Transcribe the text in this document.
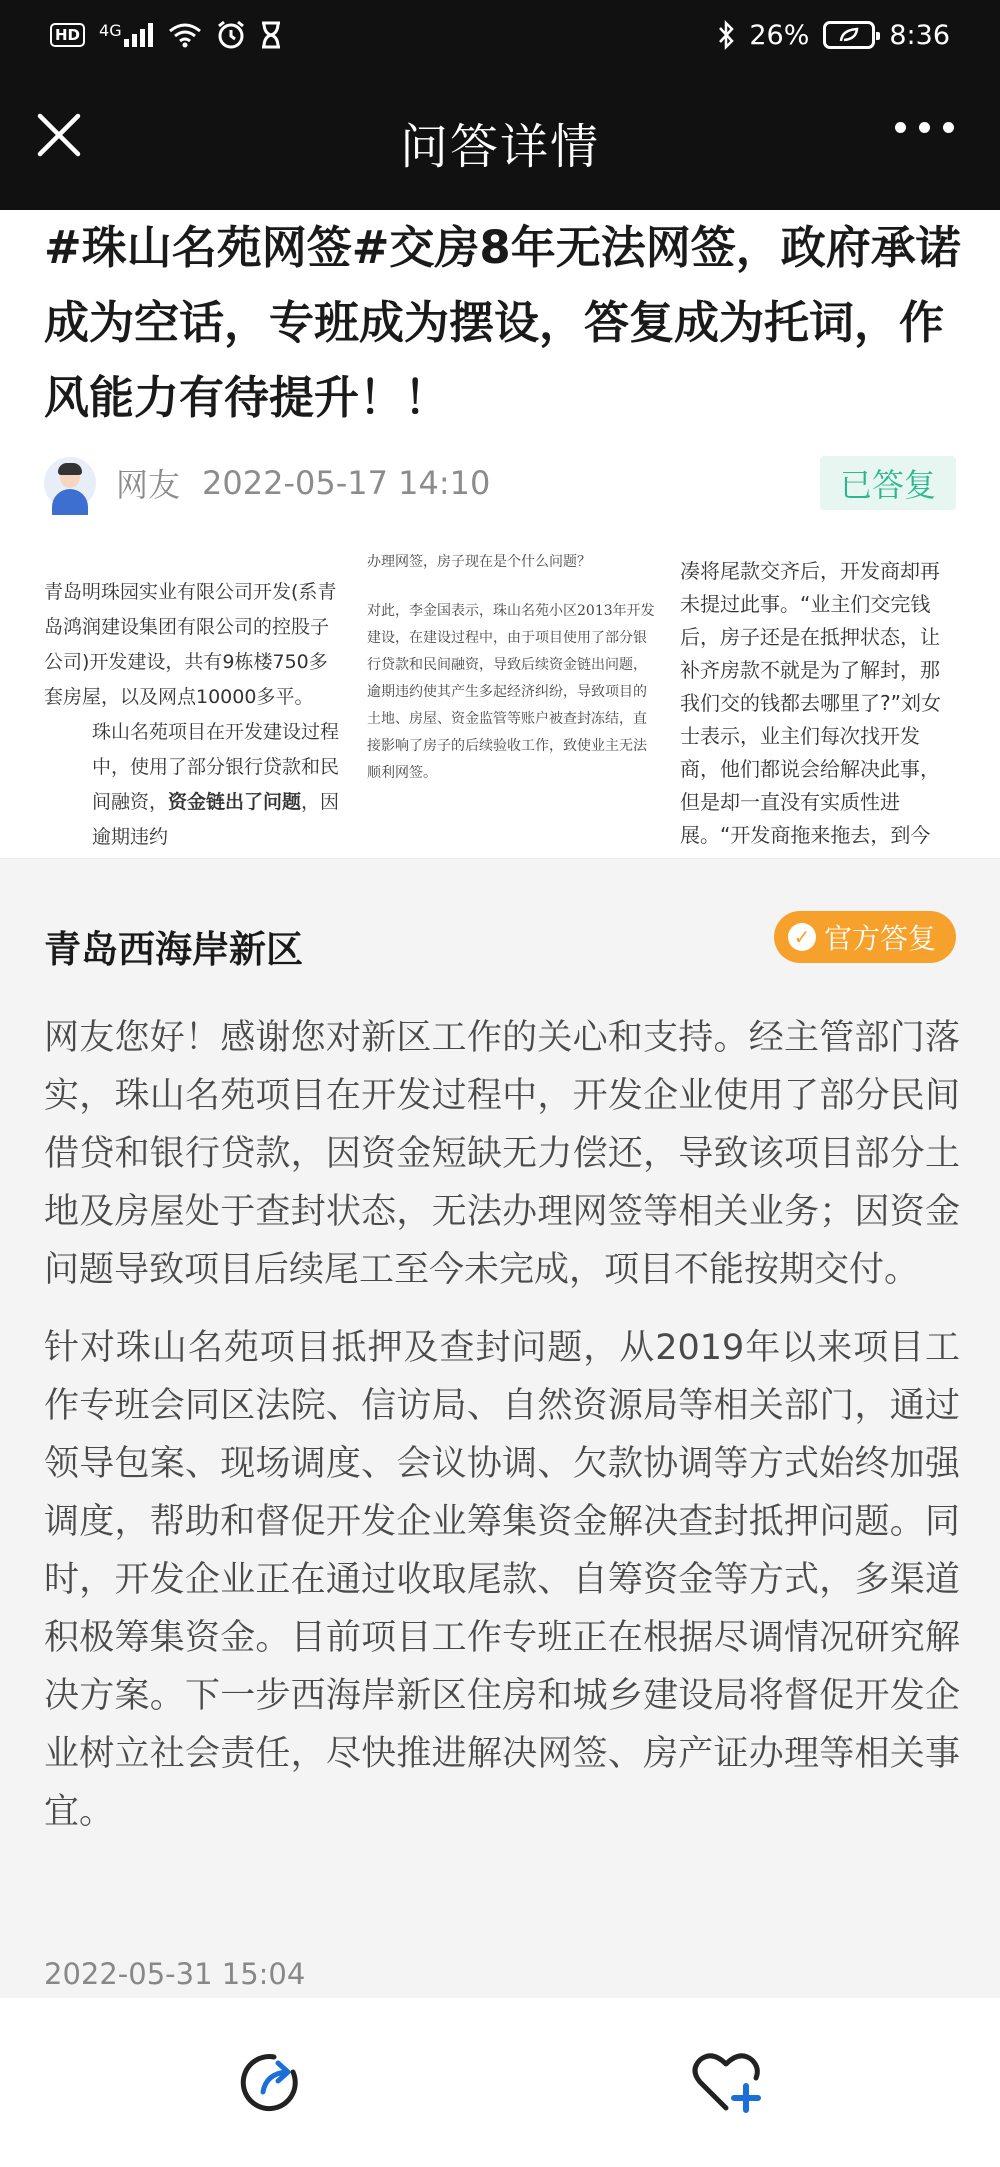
HD	4G	26%	8:36
问答详情
#珠山名苑网签#交房8年无法网签，政府承诺成为空话，专班成为摆设，答复成为托词，作风能力有待提升！！
网友 2022-05-17 14:10	已答复
青岛明珠园实业有限公司开发(系青岛鸿润建设集团有限公司的控股子公司)开发建设，共有9栋楼750多套房屋，以及网点10000多平。
珠山名苑项目在开发建设过程中，使用了部分银行贷款和民间融资，资金链出了问题，因逾期违约
办理网签，房子现在是个什么问题？
对此，李金国表示，珠山名苑小区2013年开发建设，在建设过程中，由于项目使用了部分银行贷款和民间融资，导致后续资金链出问题，逾期违约使其产生多起经济纠纷，导致项目的土地、房屋、资金监管等账户被查封冻结，直接影响了房子的后续验收工作，致使业主无法顺利网签。
凑将尾款交齐后，开发商却再未提过此事。“业主们交完钱后，房子还是在抵押状态，让补齐房款不就是为了解封，那我们交的钱都去哪里了?”刘女士表示，业主们每次找开发商，他们都说会给解决此事，但是却一直没有实质性进展。“开发商拖来拖去，到今
青岛西海岸新区	✓ 官方答复

网友您好！感谢您对新区工作的关心和支持。经主管部门落实，珠山名苑项目在开发过程中，开发企业使用了部分民间借贷和银行贷款，因资金短缺无力偿还，导致该项目部分土地及房屋处于查封状态，无法办理网签等相关业务；因资金问题导致项目后续尾工至今未完成，项目不能按期交付。

针对珠山名苑项目抵押及查封问题，从2019年以来项目工作专班会同区法院、信访局、自然资源局等相关部门，通过领导包案、现场调度、会议协调、欠款协调等方式始终加强调度，帮助和督促开发企业筹集资金解决查封抵押问题。同时，开发企业正在通过收取尾款、自筹资金等方式，多渠道积极筹集资金。目前项目工作专班正在根据尽调情况研究解决方案。下一步西海岸新区住房和城乡建设局将督促开发企业树立社会责任，尽快推进解决网签、房产证办理等相关事宜。

2022-05-31 15:04
